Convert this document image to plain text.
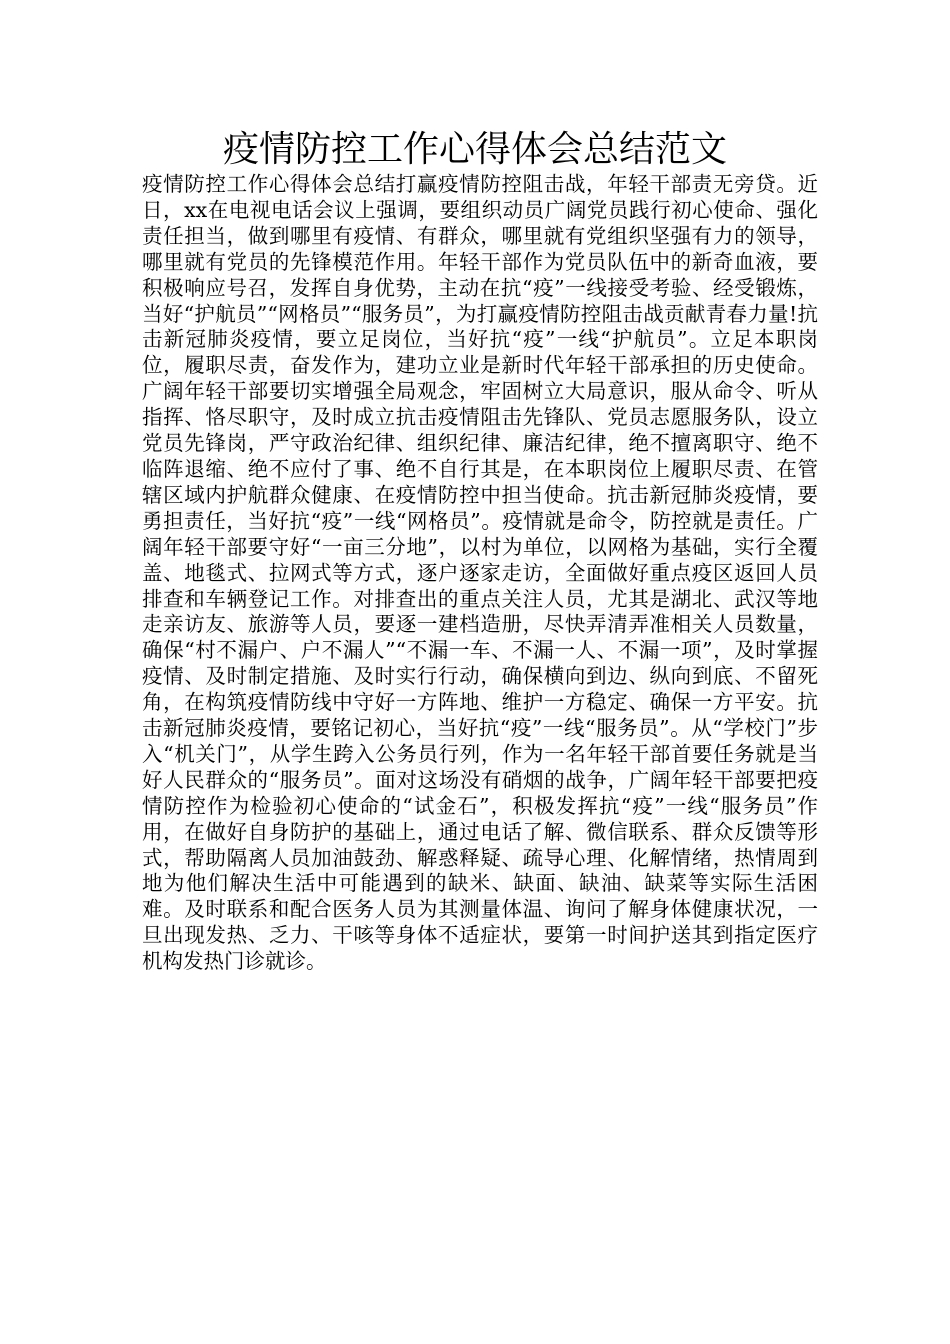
疫情防控工作心得体会总结范文

疫情防控工作心得体会总结打赢疫情防控阻击战，年轻干部责无旁贷。近日，xx在电视电话会议上强调，要组织动员广阔党员践行初心使命、强化责任担当，做到哪里有疫情、有群众，哪里就有党组织坚强有力的领导，哪里就有党员的先锋模范作用。年轻干部作为党员队伍中的新奇血液，要积极响应号召，发挥自身优势，主动在抗“疫”一线接受考验、经受锻炼，当好“护航员”“网格员”“服务员”，为打赢疫情防控阻击战贡献青春力量!抗击新冠肺炎疫情，要立足岗位，当好抗“疫”一线“护航员”。立足本职岗位，履职尽责，奋发作为，建功立业是新时代年轻干部承担的历史使命。广阔年轻干部要切实增强全局观念，牢固树立大局意识，服从命令、听从指挥、恪尽职守，及时成立抗击疫情阻击先锋队、党员志愿服务队，设立党员先锋岗，严守政治纪律、组织纪律、廉洁纪律，绝不擅离职守、绝不临阵退缩、绝不应付了事、绝不自行其是，在本职岗位上履职尽责、在管辖区域内护航群众健康、在疫情防控中担当使命。抗击新冠肺炎疫情，要勇担责任，当好抗“疫”一线“网格员”。疫情就是命令，防控就是责任。广阔年轻干部要守好“一亩三分地”，以村为单位，以网格为基础，实行全覆盖、地毯式、拉网式等方式，逐户逐家走访，全面做好重点疫区返回人员排查和车辆登记工作。对排查出的重点关注人员，尤其是湖北、武汉等地走亲访友、旅游等人员，要逐一建档造册，尽快弄清弄准相关人员数量，确保“村不漏户、户不漏人”“不漏一车、不漏一人、不漏一项”，及时掌握疫情、及时制定措施、及时实行行动，确保横向到边、纵向到底、不留死角，在构筑疫情防线中守好一方阵地、维护一方稳定、确保一方平安。抗击新冠肺炎疫情，要铭记初心，当好抗“疫”一线“服务员”。从“学校门”步入“机关门”，从学生跨入公务员行列，作为一名年轻干部首要任务就是当好人民群众的“服务员”。面对这场没有硝烟的战争，广阔年轻干部要把疫情防控作为检验初心使命的“试金石”，积极发挥抗“疫”一线“服务员”作用，在做好自身防护的基础上，通过电话了解、微信联系、群众反馈等形式，帮助隔离人员加油鼓劲、解惑释疑、疏导心理、化解情绪，热情周到地为他们解决生活中可能遇到的缺米、缺面、缺油、缺菜等实际生活困难。及时联系和配合医务人员为其测量体温、询问了解身体健康状况，一旦出现发热、乏力、干咳等身体不适症状，要第一时间护送其到指定医疗机构发热门诊就诊。
